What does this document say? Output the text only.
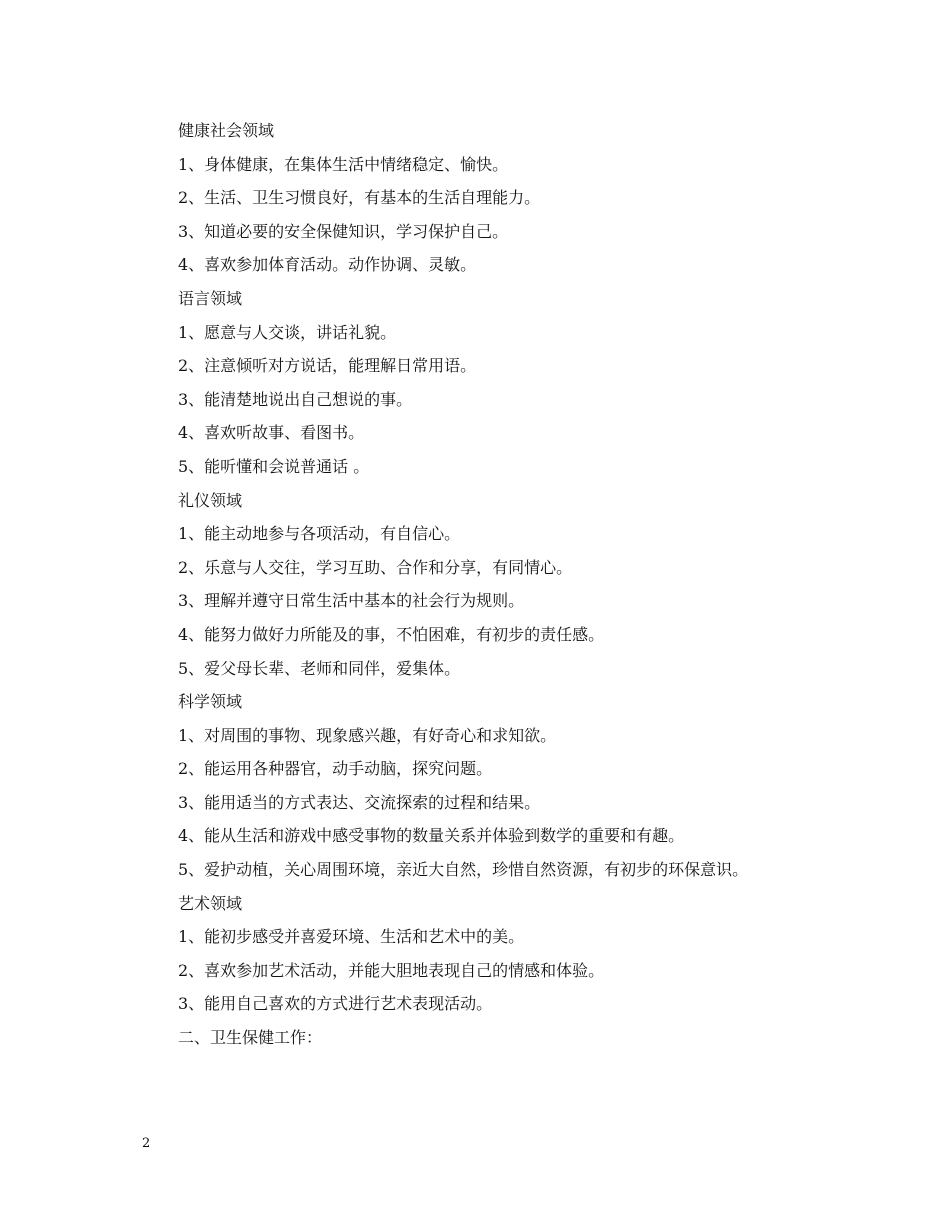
健康社会领域
1、身体健康，在集体生活中情绪稳定、愉快。
2、生活、卫生习惯良好，有基本的生活自理能力。
3、知道必要的安全保健知识，学习保护自己。
4、喜欢参加体育活动。动作协调、灵敏。
语言领域
1、愿意与人交谈，讲话礼貌。
2、注意倾听对方说话，能理解日常用语。
3、能清楚地说出自己想说的事。
4、喜欢听故事、看图书。
5、能听懂和会说普通话 。
礼仪领域
1、能主动地参与各项活动，有自信心。
2、乐意与人交往，学习互助、合作和分享，有同情心。
3、理解并遵守日常生活中基本的社会行为规则。
4、能努力做好力所能及的事，不怕困难，有初步的责任感。
5、爱父母长辈、老师和同伴，爱集体。
科学领域
1、对周围的事物、现象感兴趣，有好奇心和求知欲。
2、能运用各种器官，动手动脑，探究问题。
3、能用适当的方式表达、交流探索的过程和结果。
4、能从生活和游戏中感受事物的数量关系并体验到数学的重要和有趣。
5、爱护动植，关心周围环境，亲近大自然，珍惜自然资源，有初步的环保意识。
艺术领域
1、能初步感受并喜爱环境、生活和艺术中的美。
2、喜欢参加艺术活动，并能大胆地表现自己的情感和体验。
3、能用自己喜欢的方式进行艺术表现活动。
二、卫生保健工作：
2
